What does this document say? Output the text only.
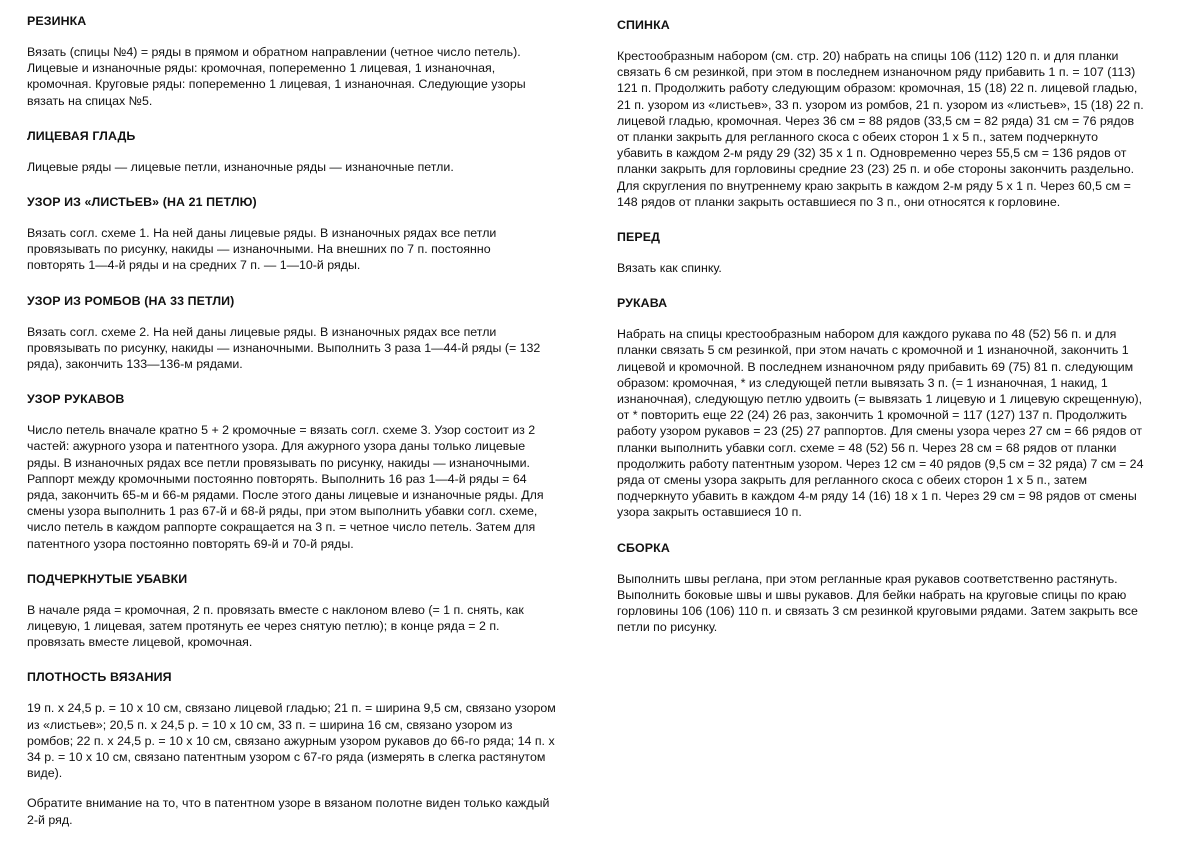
РЕЗИНКА
Вязать (спицы №4) = ряды в прямом и обратном направлении (четное число петель).
Лицевые и изнаночные ряды: кромочная, попеременно 1 лицевая, 1 изнаночная,
кромочная. Круговые ряды: попеременно 1 лицевая, 1 изнаночная. Следующие узоры
вязать на спицах №5.
ЛИЦЕВАЯ ГЛАДЬ
Лицевые ряды — лицевые петли, изнаночные ряды — изнаночные петли.
УЗОР ИЗ «ЛИСТЬЕВ» (НА 21 ПЕТЛЮ)
Вязать согл. схеме 1. На ней даны лицевые ряды. В изнаночных рядах все петли
провязывать по рисунку, накиды — изнаночными. На внешних по 7 п. постоянно
повторять 1—4-й ряды и на средних 7 п. — 1—10-й ряды.
УЗОР ИЗ РОМБОВ (НА 33 ПЕТЛИ)
Вязать согл. схеме 2. На ней даны лицевые ряды. В изнаночных рядах все петли
провязывать по рисунку, накиды — изнаночными. Выполнить 3 раза 1—44-й ряды (= 132
ряда), закончить 133—136-м рядами.
УЗОР РУКАВОВ
Число петель вначале кратно 5 + 2 кромочные = вязать согл. схеме 3. Узор состоит из 2
частей: ажурного узора и патентного узора. Для ажурного узора даны только лицевые
ряды. В изнаночных рядах все петли провязывать по рисунку, накиды — изнаночными.
Раппорт между кромочными постоянно повторять. Выполнить 16 раз 1—4-й ряды = 64
ряда, закончить 65-м и 66-м рядами. После этого даны лицевые и изнаночные ряды. Для
смены узора выполнить 1 раз 67-й и 68-й ряды, при этом выполнить убавки согл. схеме,
число петель в каждом раппорте сокращается на 3 п. = четное число петель. Затем для
патентного узора постоянно повторять 69-й и 70-й ряды.
ПОДЧЕРКНУТЫЕ УБАВКИ
В начале ряда = кромочная, 2 п. провязать вместе с наклоном влево (= 1 п. снять, как
лицевую, 1 лицевая, затем протянуть ее через снятую петлю); в конце ряда = 2 п.
провязать вместе лицевой, кромочная.
ПЛОТНОСТЬ ВЯЗАНИЯ
19 п. х 24,5 р. = 10 х 10 см, связано лицевой гладью; 21 п. = ширина 9,5 см, связано узором
из «листьев»; 20,5 п. х 24,5 р. = 10 х 10 см, 33 п. = ширина 16 см, связано узором из
ромбов; 22 п. х 24,5 р. = 10 х 10 см, связано ажурным узором рукавов до 66-го ряда; 14 п. х
34 р. = 10 х 10 см, связано патентным узором с 67-го ряда (измерять в слегка растянутом
виде).
Обратите внимание на то, что в патентном узоре в вязаном полотне виден только каждый
2-й ряд.
СПИНКА
Крестообразным набором (см. стр. 20) набрать на спицы 106 (112) 120 п. и для планки
связать 6 см резинкой, при этом в последнем изнаночном ряду прибавить 1 п. = 107 (113)
121 п. Продолжить работу следующим образом: кромочная, 15 (18) 22 п. лицевой гладью,
21 п. узором из «листьев», 33 п. узором из ромбов, 21 п. узором из «листьев», 15 (18) 22 п.
лицевой гладью, кромочная. Через 36 см = 88 рядов (33,5 см = 82 ряда) 31 см = 76 рядов
от планки закрыть для регланного скоса с обеих сторон 1 х 5 п., затем подчеркнуто
убавить в каждом 2-м ряду 29 (32) 35 х 1 п. Одновременно через 55,5 см = 136 рядов от
планки закрыть для горловины средние 23 (23) 25 п. и обе стороны закончить раздельно.
Для скругления по внутреннему краю закрыть в каждом 2-м ряду 5 х 1 п. Через 60,5 см =
148 рядов от планки закрыть оставшиеся по 3 п., они относятся к горловине.
ПЕРЕД
Вязать как спинку.
РУКАВА
Набрать на спицы крестообразным набором для каждого рукава по 48 (52) 56 п. и для
планки связать 5 см резинкой, при этом начать с кромочной и 1 изнаночной, закончить 1
лицевой и кромочной. В последнем изнаночном ряду прибавить 69 (75) 81 п. следующим
образом: кромочная, * из следующей петли вывязать 3 п. (= 1 изнаночная, 1 накид, 1
изнаночная), следующую петлю удвоить (= вывязать 1 лицевую и 1 лицевую скрещенную),
от * повторить еще 22 (24) 26 раз, закончить 1 кромочной = 117 (127) 137 п. Продолжить
работу узором рукавов = 23 (25) 27 раппортов. Для смены узора через 27 см = 66 рядов от
планки выполнить убавки согл. схеме = 48 (52) 56 п. Через 28 см = 68 рядов от планки
продолжить работу патентным узором. Через 12 см = 40 рядов (9,5 см = 32 ряда) 7 см = 24
ряда от смены узора закрыть для регланного скоса с обеих сторон 1 х 5 п., затем
подчеркнуто убавить в каждом 4-м ряду 14 (16) 18 х 1 п. Через 29 см = 98 рядов от смены
узора закрыть оставшиеся 10 п.
СБОРКА
Выполнить швы реглана, при этом регланные края рукавов соответственно растянуть.
Выполнить боковые швы и швы рукавов. Для бейки набрать на круговые спицы по краю
горловины 106 (106) 110 п. и связать 3 см резинкой круговыми рядами. Затем закрыть все
петли по рисунку.
